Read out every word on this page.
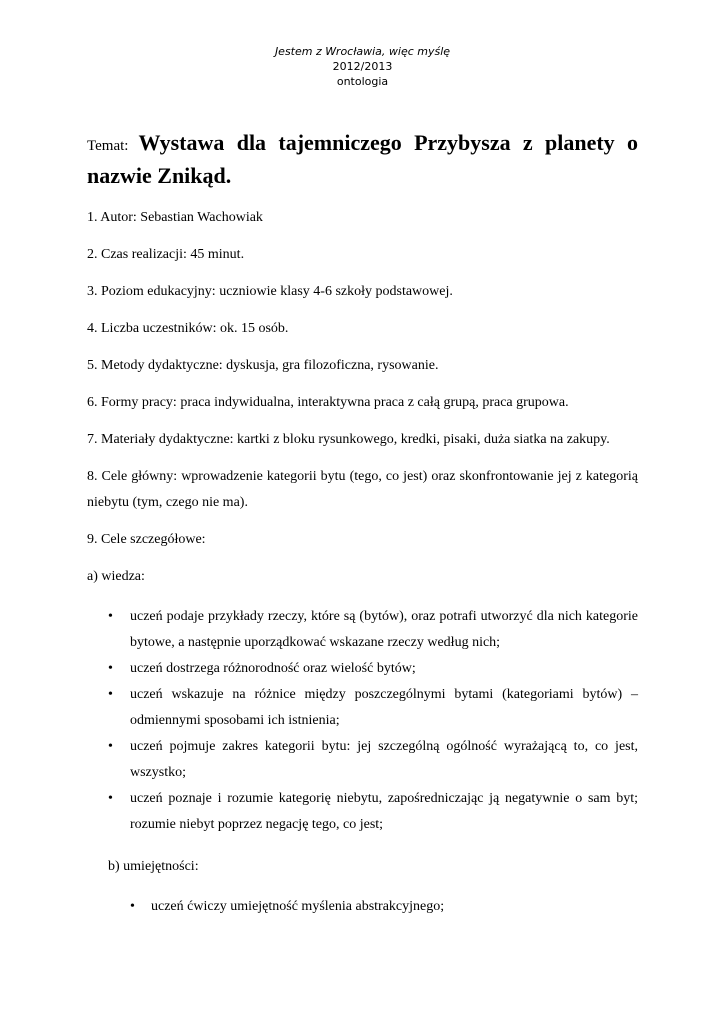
Jestem z Wrocławia, więc myślę
2012/2013
ontologia

Temat: Wystawa dla tajemniczego Przybysza z planety o nazwie Znikąd.

1. Autor: Sebastian Wachowiak

2. Czas realizacji: 45 minut.

3. Poziom edukacyjny: uczniowie klasy 4-6 szkoły podstawowej.

4. Liczba uczestników: ok. 15 osób.

5. Metody dydaktyczne: dyskusja, gra filozoficzna, rysowanie.

6. Formy pracy: praca indywidualna, interaktywna praca z całą grupą, praca grupowa.

7. Materiały dydaktyczne: kartki z bloku rysunkowego, kredki, pisaki, duża siatka na zakupy.

8. Cele główny: wprowadzenie kategorii bytu (tego, co jest) oraz skonfrontowanie jej z kategorią niebytu (tym, czego nie ma).

9. Cele szczegółowe:

a) wiedza:

• uczeń podaje przykłady rzeczy, które są (bytów), oraz potrafi utworzyć dla nich kategorie bytowe, a następnie uporządkować wskazane rzeczy według nich;
• uczeń dostrzega różnorodność oraz wielość bytów;
• uczeń wskazuje na różnice między poszczególnymi bytami (kategoriami bytów) – odmiennymi sposobami ich istnienia;
• uczeń pojmuje zakres kategorii bytu: jej szczególną ogólność wyrażającą to, co jest, wszystko;
• uczeń poznaje i rozumie kategorię niebytu, zapośredniczając ją negatywnie o sam byt; rozumie niebyt poprzez negację tego, co jest;

b) umiejętności:

• uczeń ćwiczy umiejętność myślenia abstrakcyjnego;
